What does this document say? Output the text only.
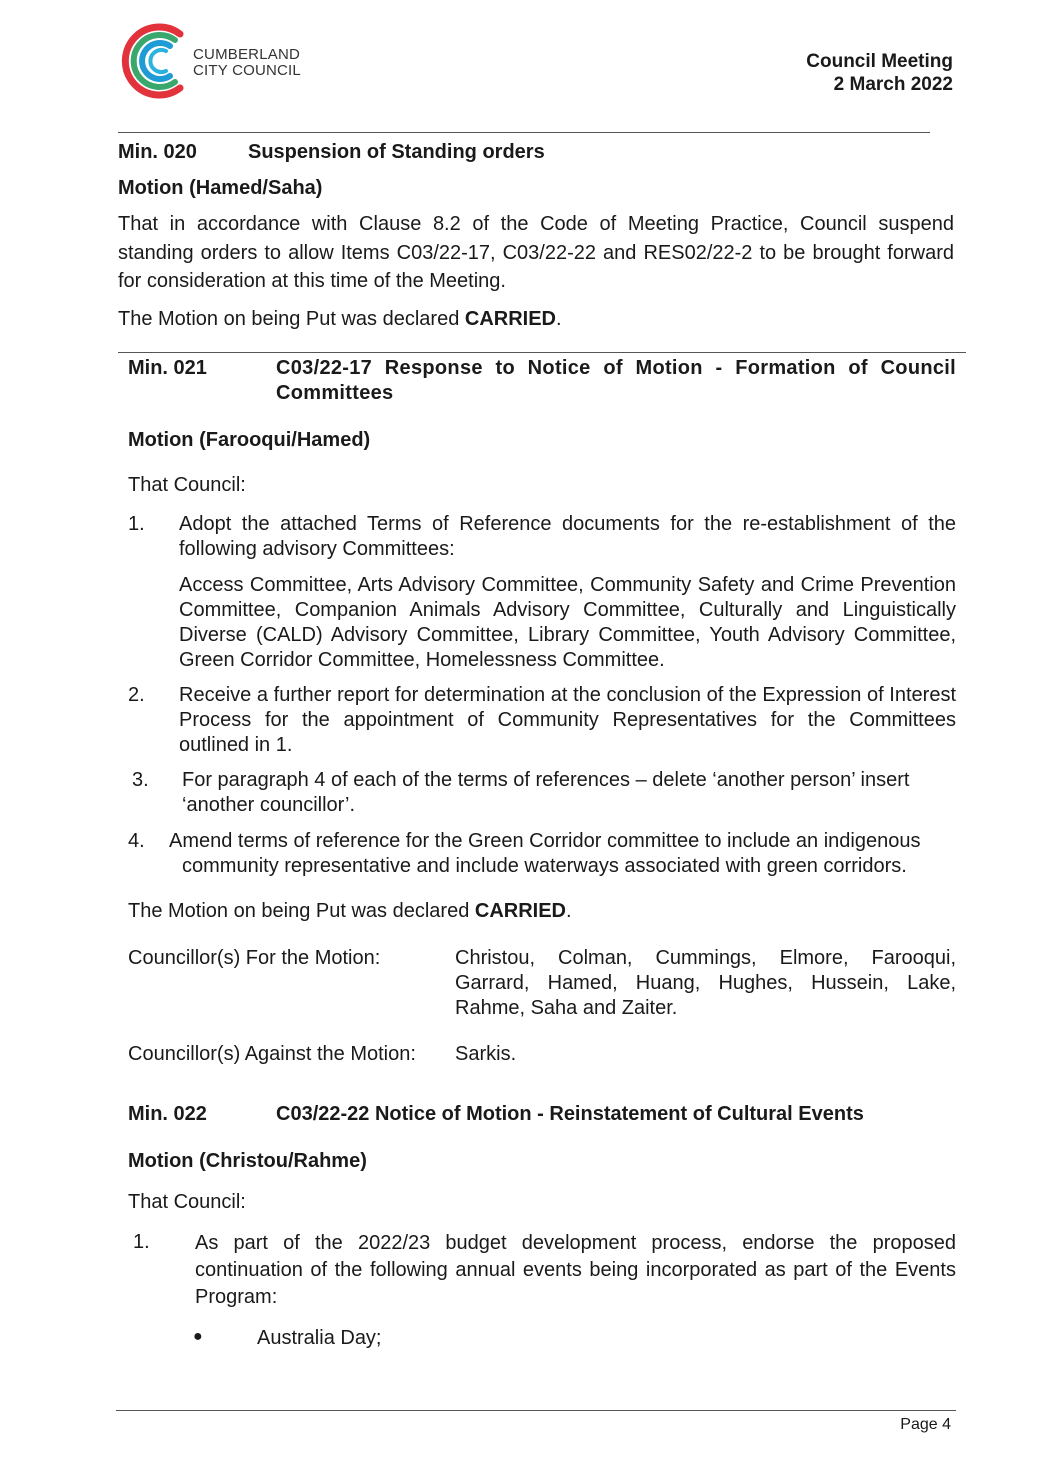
CUMBERLAND
CITY COUNCIL	Council Meeting
2 March 2022
Min. 020	Suspension of Standing orders
Motion (Hamed/Saha)
That in accordance with Clause 8.2 of the Code of Meeting Practice, Council suspend standing orders to allow Items C03/22-17, C03/22-22 and RES02/22-2 to be brought forward for consideration at this time of the Meeting.
The Motion on being Put was declared CARRIED.
Min. 021	C03/22-17 Response to Notice of Motion - Formation of Council Committees
Motion (Farooqui/Hamed)
That Council:
1. Adopt the attached Terms of Reference documents for the re-establishment of the following advisory Committees:
Access Committee, Arts Advisory Committee, Community Safety and Crime Prevention Committee, Companion Animals Advisory Committee, Culturally and Linguistically Diverse (CALD) Advisory Committee, Library Committee, Youth Advisory Committee, Green Corridor Committee, Homelessness Committee.
2. Receive a further report for determination at the conclusion of the Expression of Interest Process for the appointment of Community Representatives for the Committees outlined in 1.
3. For paragraph 4 of each of the terms of references – delete ‘another person’ insert ‘another councillor’.
4. Amend terms of reference for the Green Corridor committee to include an indigenous community representative and include waterways associated with green corridors.
The Motion on being Put was declared CARRIED.
Councillor(s) For the Motion:	Christou, Colman, Cummings, Elmore, Farooqui, Garrard, Hamed, Huang, Hughes, Hussein, Lake, Rahme, Saha and Zaiter.
Councillor(s) Against the Motion: Sarkis.
Min. 022	C03/22-22 Notice of Motion - Reinstatement of Cultural Events
Motion (Christou/Rahme)
That Council:
1. As part of the 2022/23 budget development process, endorse the proposed continuation of the following annual events being incorporated as part of the Events Program:
●	Australia Day;
Page 4
